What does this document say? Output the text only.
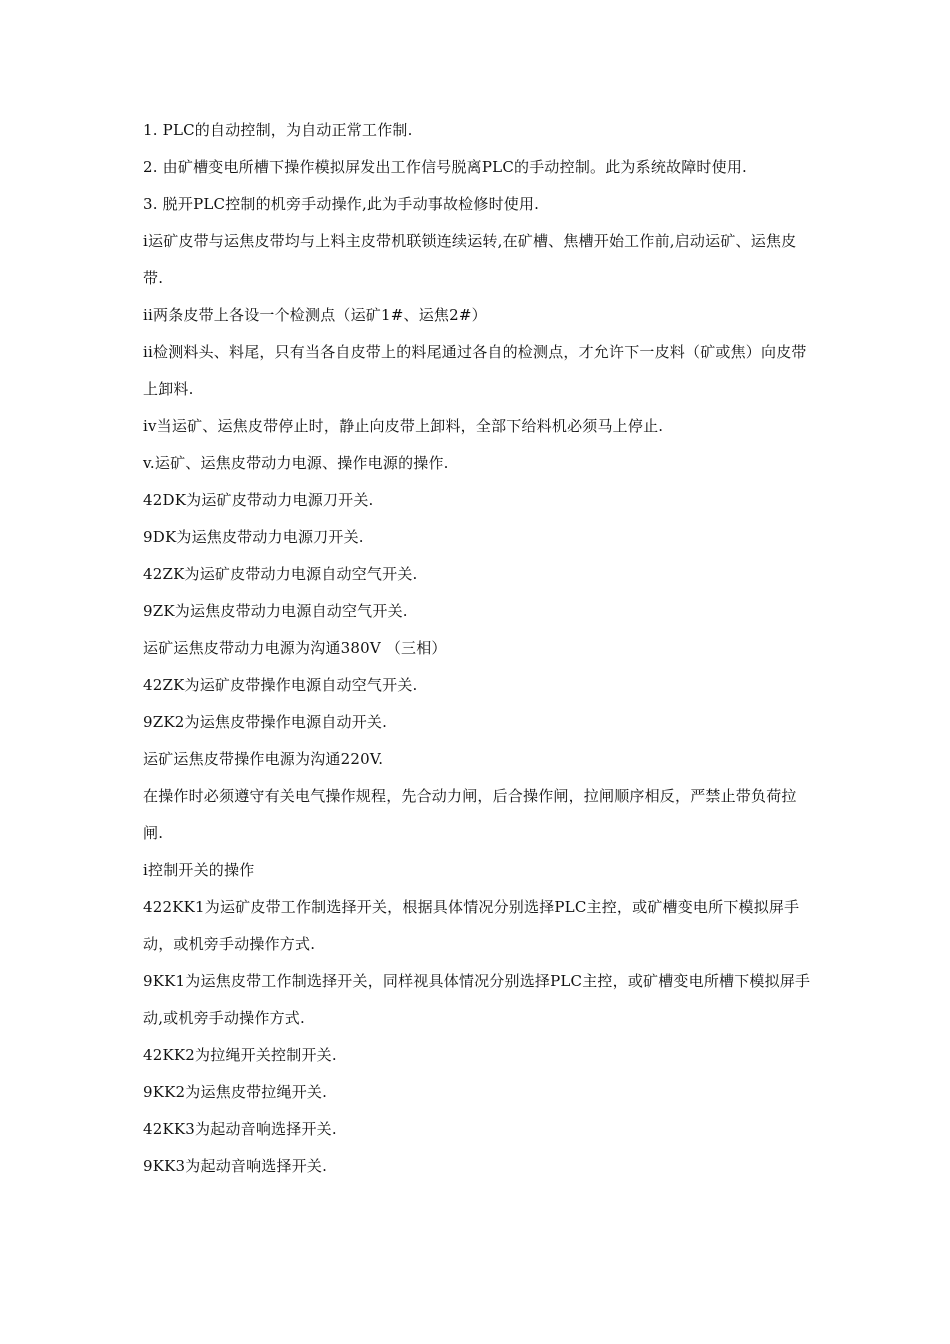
1. PLC的自动控制，为自动正常工作制.

2. 由矿槽变电所槽下操作模拟屏发出工作信号脱离PLC的手动控制。此为系统故障时使用.

3. 脱开PLC控制的机旁手动操作,此为手动事故检修时使用.

i运矿皮带与运焦皮带均与上料主皮带机联锁连续运转,在矿槽、焦槽开始工作前,启动运矿、运焦皮带.

ii两条皮带上各设一个检测点（运矿1#、运焦2#）

ii检测料头、料尾，只有当各自皮带上的料尾通过各自的检测点，才允许下一皮料（矿或焦）向皮带上卸料.

iv当运矿、运焦皮带停止时，静止向皮带上卸料，全部下给料机必须马上停止.

v.运矿、运焦皮带动力电源、操作电源的操作.

42DK为运矿皮带动力电源刀开关.

9DK为运焦皮带动力电源刀开关.

42ZK为运矿皮带动力电源自动空气开关.

9ZK为运焦皮带动力电源自动空气开关.

运矿运焦皮带动力电源为沟通380V （三相）

42ZK为运矿皮带操作电源自动空气开关.

9ZK2为运焦皮带操作电源自动开关.

运矿运焦皮带操作电源为沟通220V.

在操作时必须遵守有关电气操作规程，先合动力闸，后合操作闸，拉闸顺序相反，严禁止带负荷拉闸.

i控制开关的操作

422KK1为运矿皮带工作制选择开关，根据具体情况分别选择PLC主控，或矿槽变电所下模拟屏手动，或机旁手动操作方式.

9KK1为运焦皮带工作制选择开关，同样视具体情况分别选择PLC主控，或矿槽变电所槽下模拟屏手动,或机旁手动操作方式.

42KK2为拉绳开关控制开关.

9KK2为运焦皮带拉绳开关.

42KK3为起动音响选择开关.

9KK3为起动音响选择开关.
